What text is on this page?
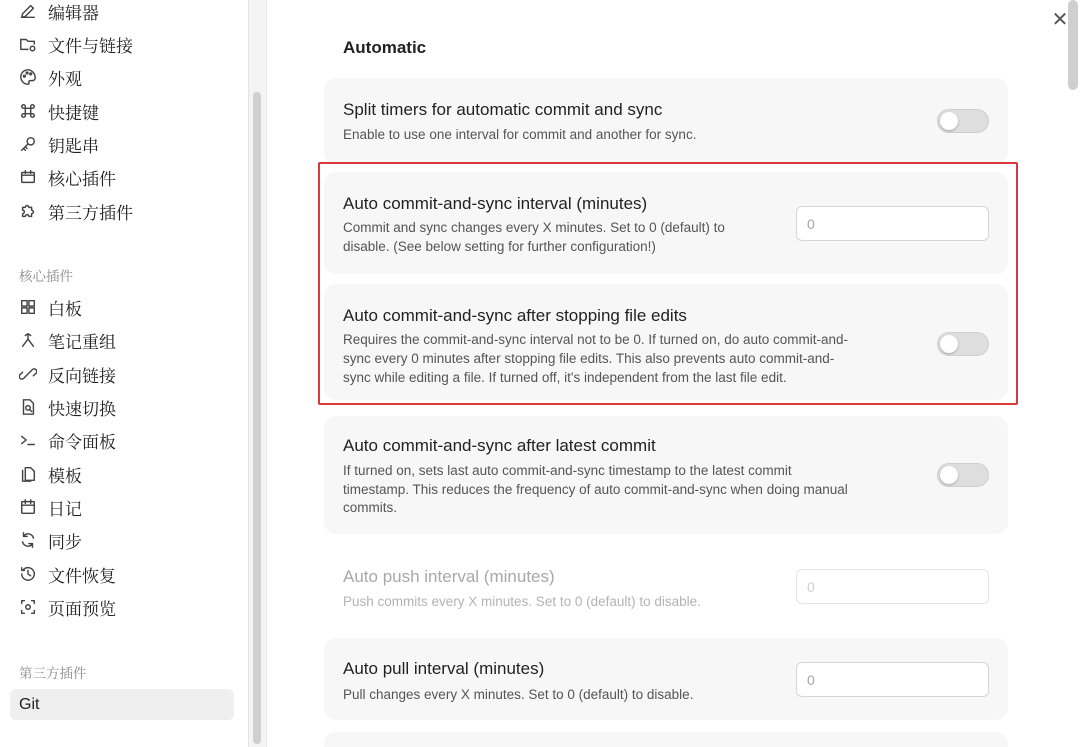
编辑器
文件与链接
外观
快捷键
钥匙串
核心插件
第三方插件
核心插件
白板
笔记重组
反向链接
快速切换
命令面板
模板
日记
同步
文件恢复
页面预览
第三方插件
Git
✕
Automatic
Split timers for automatic commit and sync
Enable to use one interval for commit and another for sync.
Auto commit-and-sync interval (minutes)
Commit and sync changes every X minutes. Set to 0 (default) to
disable. (See below setting for further configuration!)
0
Auto commit-and-sync after stopping file edits
Requires the commit-and-sync interval not to be 0. If turned on, do auto commit-and-
sync every 0 minutes after stopping file edits. This also prevents auto commit-and-
sync while editing a file. If turned off, it's independent from the last file edit.
Auto commit-and-sync after latest commit
If turned on, sets last auto commit-and-sync timestamp to the latest commit
timestamp. This reduces the frequency of auto commit-and-sync when doing manual
commits.
Auto push interval (minutes)
Push commits every X minutes. Set to 0 (default) to disable.
0
Auto pull interval (minutes)
Pull changes every X minutes. Set to 0 (default) to disable.
0
